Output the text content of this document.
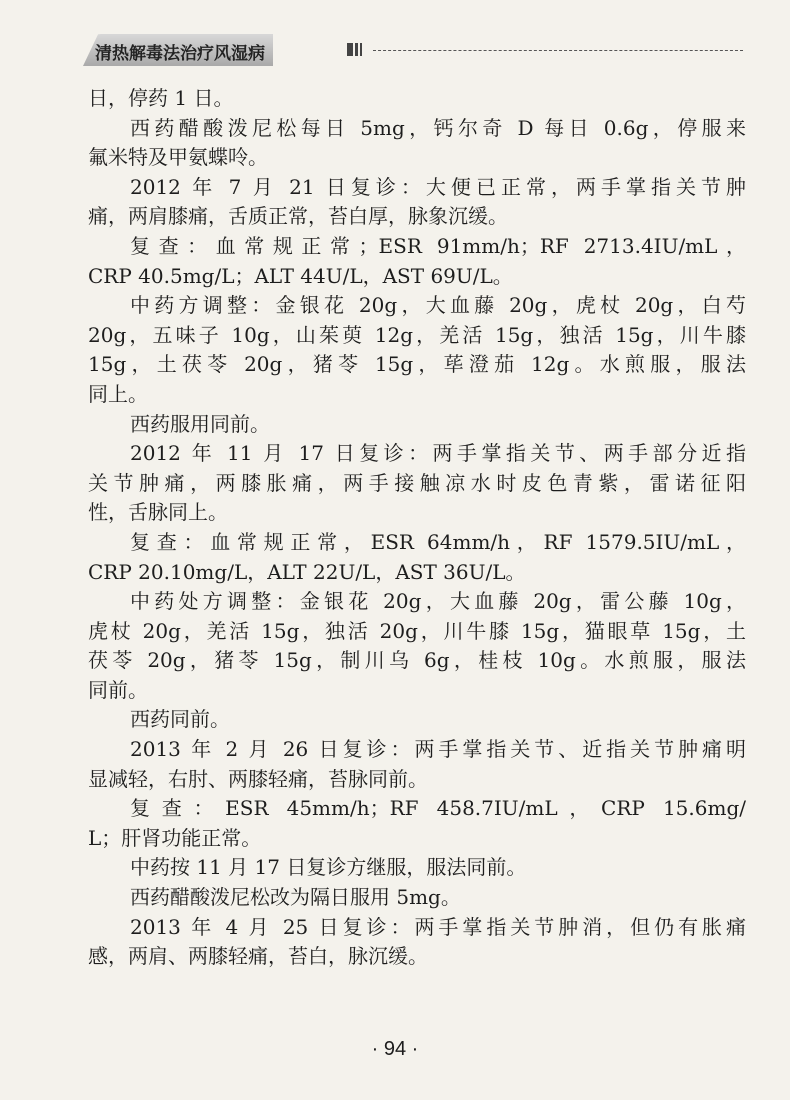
清热解毒法治疗风湿病
日，停药 1 日。
西药醋酸泼尼松每日 5mg，钙尔奇 D 每日 0.6g，停服来
氟米特及甲氨蝶呤。
2012 年 7 月 21 日复诊：大便已正常，两手掌指关节肿
痛，两肩膝痛，舌质正常，苔白厚，脉象沉缓。
复查：血常规正常；ESR 91mm/h；RF 2713.4IU/mL，
CRP 40.5mg/L；ALT 44U/L，AST 69U/L。
中药方调整：金银花 20g，大血藤 20g，虎杖 20g，白芍
20g，五味子 10g，山茱萸 12g，羌活 15g，独活 15g，川牛膝
15g，土茯苓 20g，猪苓 15g，荜澄茄 12g。水煎服，服法
同上。
西药服用同前。
2012 年 11 月 17 日复诊：两手掌指关节、两手部分近指
关节肿痛，两膝胀痛，两手接触凉水时皮色青紫，雷诺征阳
性，舌脉同上。
复查：血常规正常，ESR 64mm/h，RF 1579.5IU/mL，
CRP 20.10mg/L，ALT 22U/L，AST 36U/L。
中药处方调整：金银花 20g，大血藤 20g，雷公藤 10g，
虎杖 20g，羌活 15g，独活 20g，川牛膝 15g，猫眼草 15g，土
茯苓 20g，猪苓 15g，制川乌 6g，桂枝 10g。水煎服，服法
同前。
西药同前。
2013 年 2 月 26 日复诊：两手掌指关节、近指关节肿痛明
显减轻，右肘、两膝轻痛，苔脉同前。
复查：ESR 45mm/h；RF 458.7IU/mL，CRP 15.6mg/
L；肝肾功能正常。
中药按 11 月 17 日复诊方继服，服法同前。
西药醋酸泼尼松改为隔日服用 5mg。
2013 年 4 月 25 日复诊：两手掌指关节肿消，但仍有胀痛
感，两肩、两膝轻痛，苔白，脉沉缓。
· 94 ·
